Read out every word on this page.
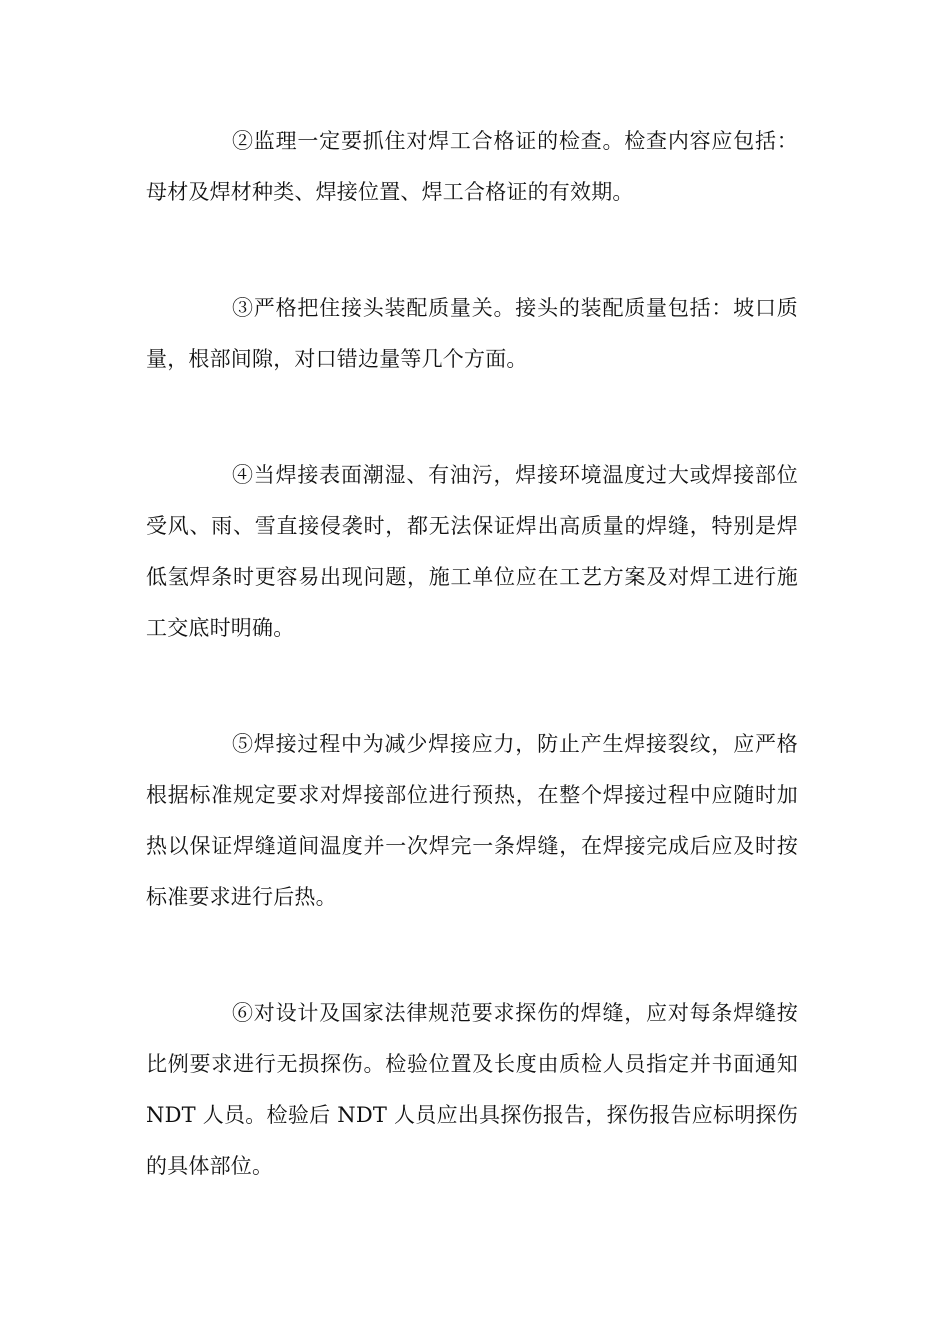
②监理一定要抓住对焊工合格证的检查。检查内容应包括：母材及焊材种类、焊接位置、焊工合格证的有效期。

③严格把住接头装配质量关。接头的装配质量包括：坡口质量，根部间隙，对口错边量等几个方面。

④当焊接表面潮湿、有油污，焊接环境温度过大或焊接部位受风、雨、雪直接侵袭时，都无法保证焊出高质量的焊缝，特别是焊低氢焊条时更容易出现问题，施工单位应在工艺方案及对焊工进行施工交底时明确。

⑤焊接过程中为减少焊接应力，防止产生焊接裂纹，应严格根据标准规定要求对焊接部位进行预热，在整个焊接过程中应随时加热以保证焊缝道间温度并一次焊完一条焊缝，在焊接完成后应及时按标准要求进行后热。

⑥对设计及国家法律规范要求探伤的焊缝，应对每条焊缝按比例要求进行无损探伤。检验位置及长度由质检人员指定并书面通知 NDT 人员。检验后 NDT 人员应出具探伤报告，探伤报告应标明探伤的具体部位。
